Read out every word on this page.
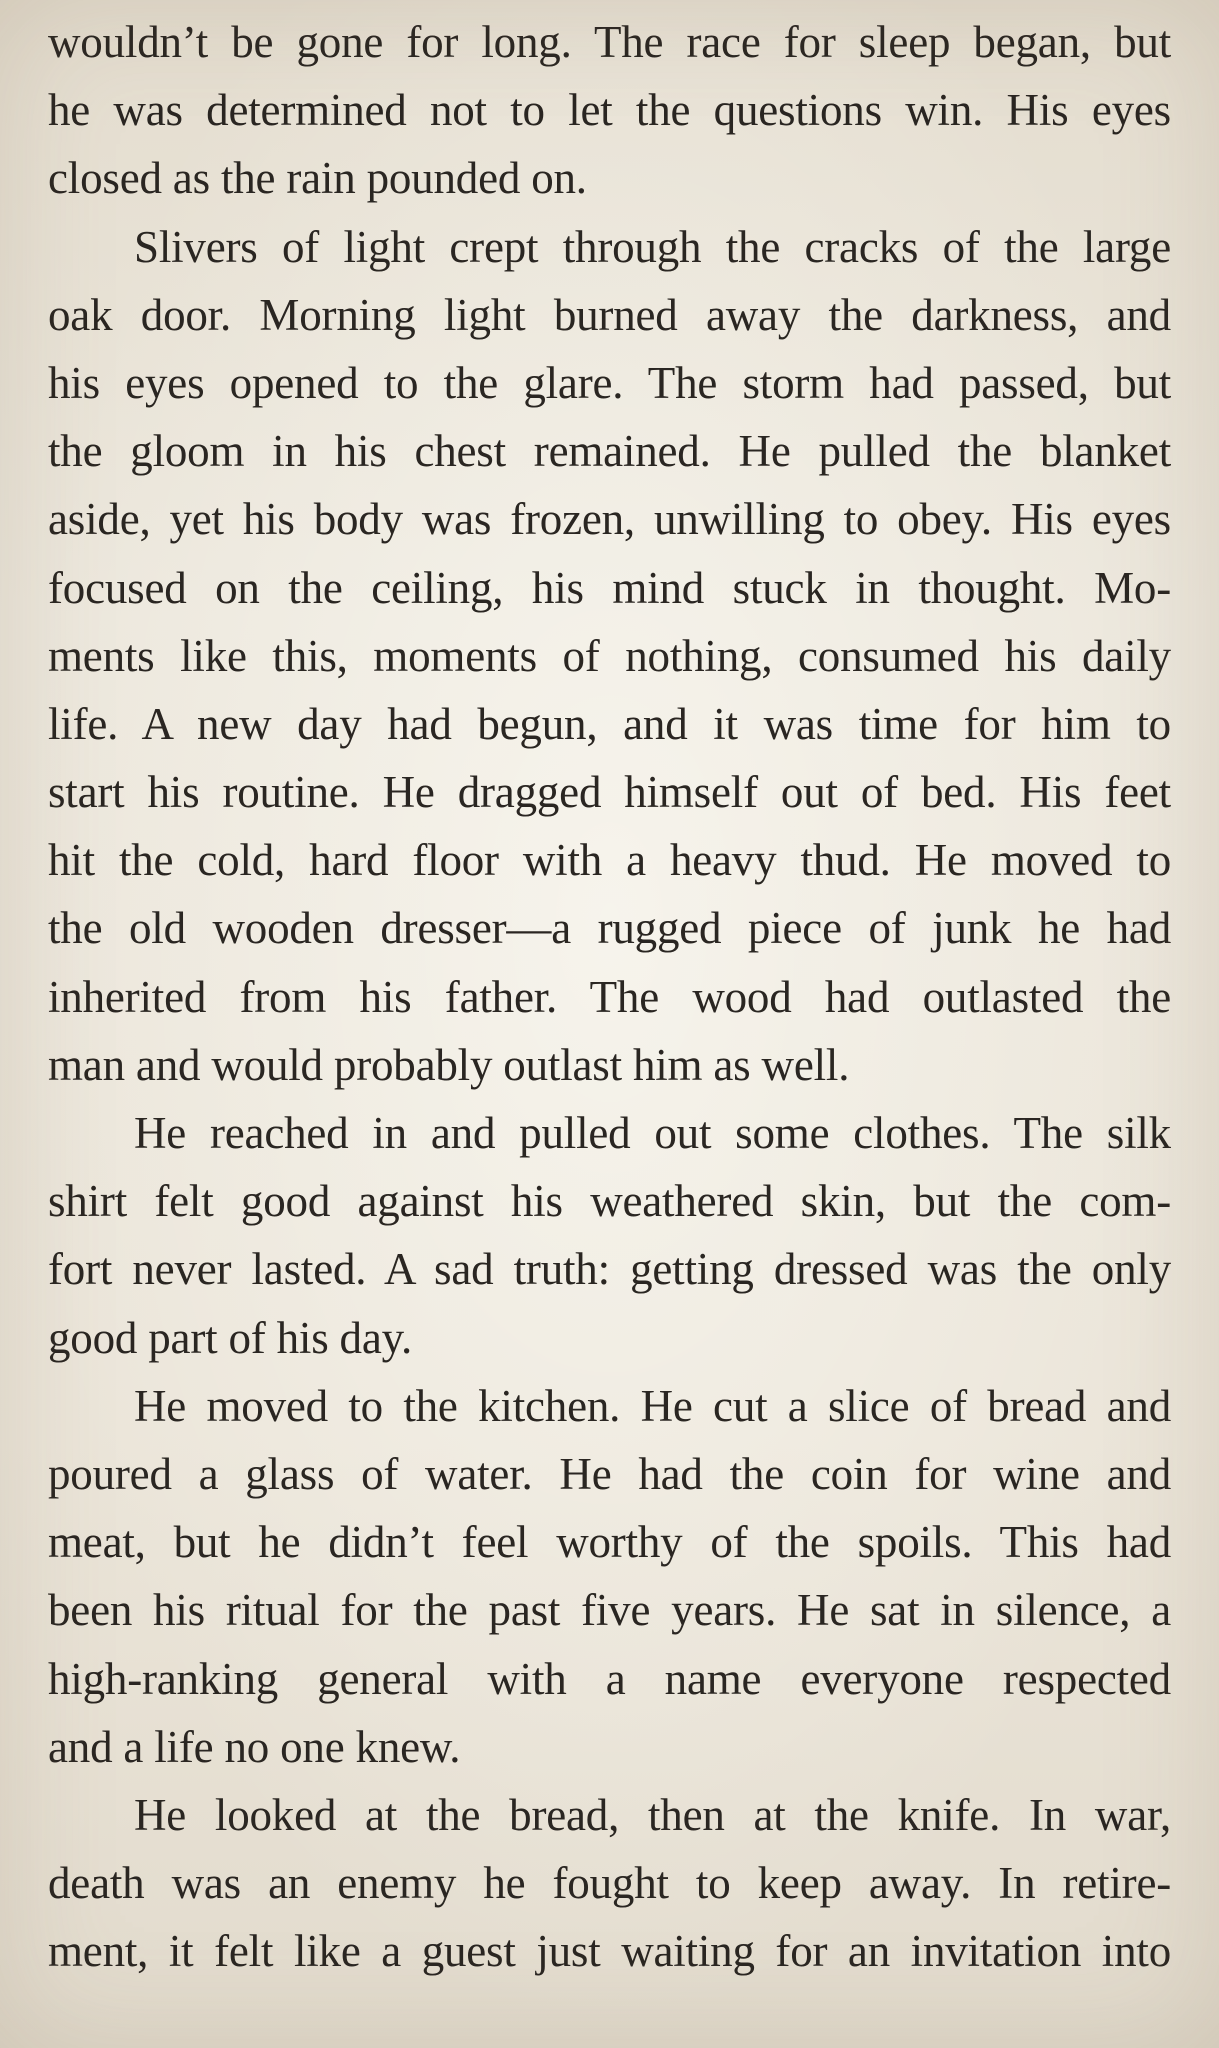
wouldn’t be gone for long. The race for sleep began, but
he was determined not to let the questions win. His eyes
closed as the rain pounded on.
Slivers of light crept through the cracks of the large
oak door. Morning light burned away the darkness, and
his eyes opened to the glare. The storm had passed, but
the gloom in his chest remained. He pulled the blanket
aside, yet his body was frozen, unwilling to obey. His eyes
focused on the ceiling, his mind stuck in thought. Mo-
ments like this, moments of nothing, consumed his daily
life. A new day had begun, and it was time for him to
start his routine. He dragged himself out of bed. His feet
hit the cold, hard floor with a heavy thud. He moved to
the old wooden dresser—a rugged piece of junk he had
inherited from his father. The wood had outlasted the
man and would probably outlast him as well.
He reached in and pulled out some clothes. The silk
shirt felt good against his weathered skin, but the com-
fort never lasted. A sad truth: getting dressed was the only
good part of his day.
He moved to the kitchen. He cut a slice of bread and
poured a glass of water. He had the coin for wine and
meat, but he didn’t feel worthy of the spoils. This had
been his ritual for the past five years. He sat in silence, a
high-ranking general with a name everyone respected
and a life no one knew.
He looked at the bread, then at the knife. In war,
death was an enemy he fought to keep away. In retire-
ment, it felt like a guest just waiting for an invitation into
